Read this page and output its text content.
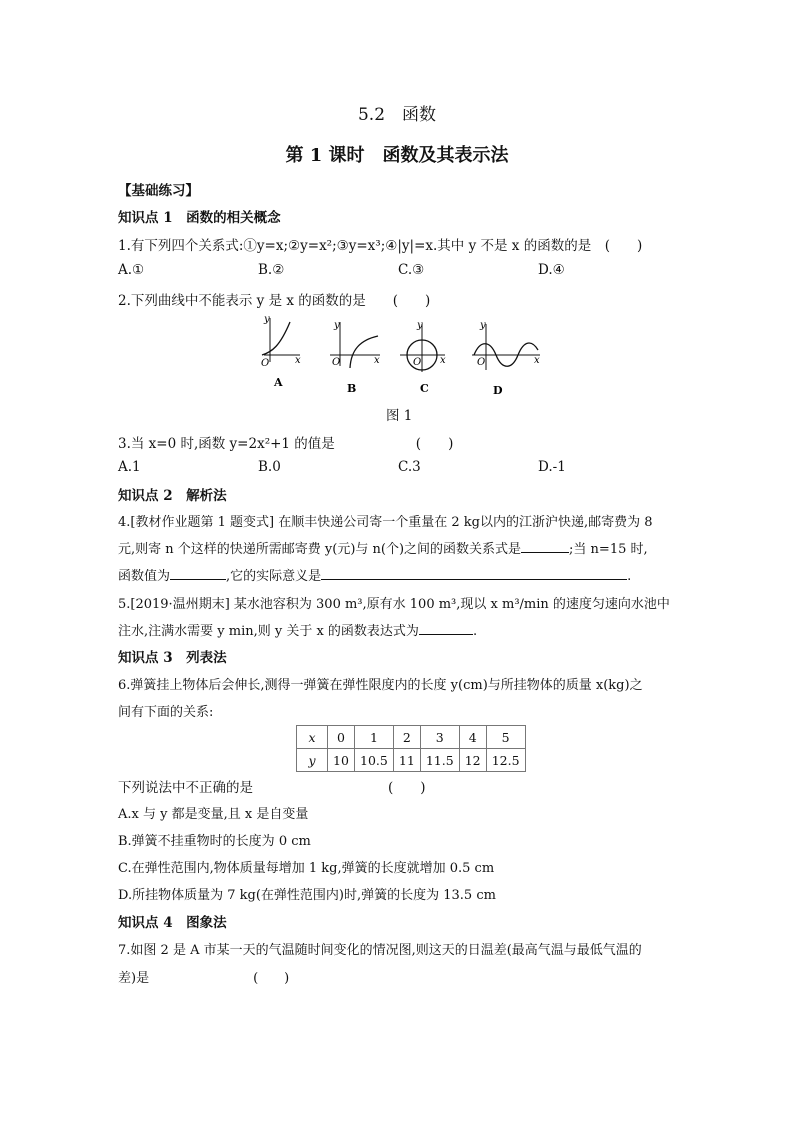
5.2　函数
第 1 课时　函数及其表示法
【基础练习】
知识点 1　函数的相关概念
1.有下列四个关系式:①y=x;②y=x²;③y=x³;④|y|=x.其中 y 不是 x 的函数的是　(　　)
A.①	B.②	C.③	D.④
2.下列曲线中不能表示 y 是 x 的函数的是　　(　　)
y
x
O
A
y
x
O
B
y
x
O
C
y
x
O
D
图 1
3.当 x=0 时,函数 y=2x²+1 的值是　　　　　　(　　)
A.1	B.0	C.3	D.-1
知识点 2　解析法
4.[教材作业题第 1 题变式] 在顺丰快递公司寄一个重量在 2 kg以内的江浙沪快递,邮寄费为 8
元,则寄 n 个这样的快递所需邮寄费 y(元)与 n(个)之间的函数关系式是	;当 n=15 时,
函数值为	,它的实际意义是	.
5.[2019·温州期末] 某水池容积为 300 m³,原有水 100 m³,现以 x m³/min 的速度匀速向水池中
注水,注满水需要 y min,则 y 关于 x 的函数表达式为	.
知识点 3　列表法
6.弹簧挂上物体后会伸长,测得一弹簧在弹性限度内的长度 y(cm)与所挂物体的质量 x(kg)之
间有下面的关系:
x	0	1	2	3	4	5
y	10	10.5	11	11.5	12	12.5
下列说法中不正确的是　　　　　　　　　　(　　)
A.x 与 y 都是变量,且 x 是自变量
B.弹簧不挂重物时的长度为 0 cm
C.在弹性范围内,物体质量每增加 1 kg,弹簧的长度就增加 0.5 cm
D.所挂物体质量为 7 kg(在弹性范围内)时,弹簧的长度为 13.5 cm
知识点 4　图象法
7.如图 2 是 A 市某一天的气温随时间变化的情况图,则这天的日温差(最高气温与最低气温的
差)是　　　　　　　　(　　)
